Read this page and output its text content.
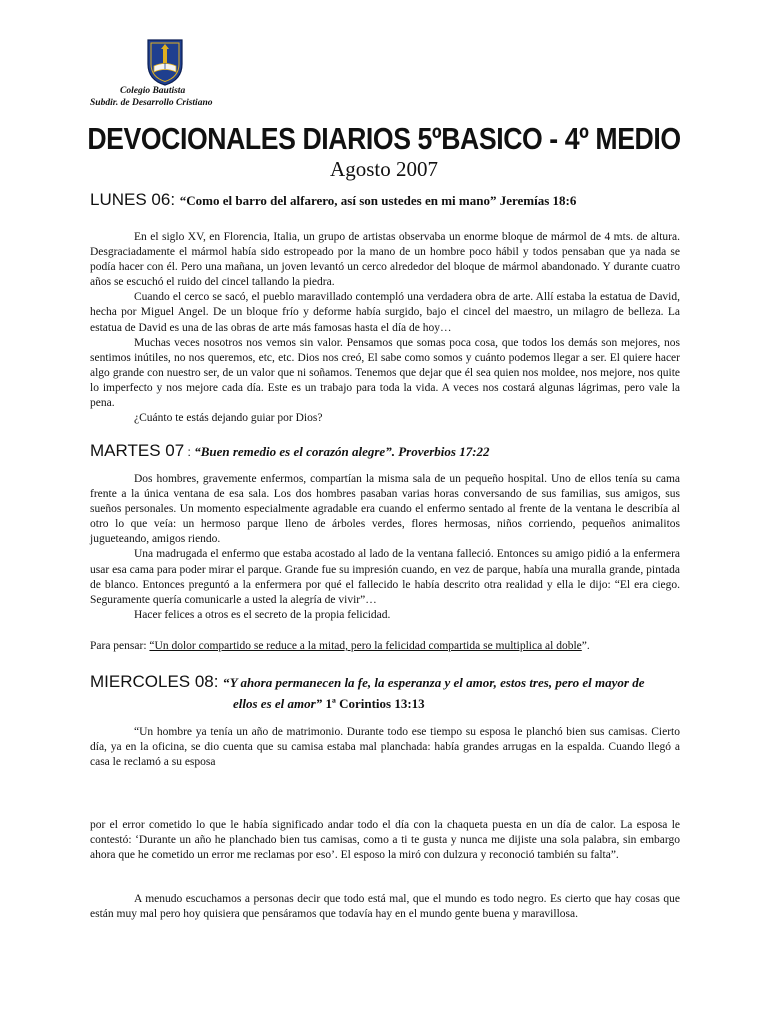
Colegio Bautista
Subdir. de Desarrollo Cristiano
DEVOCIONALES DIARIOS 5ºBASICO - 4º MEDIO
Agosto 2007
LUNES 06: “Como el barro del alfarero, así son ustedes en mi mano” Jeremías 18:6

En el siglo XV, en Florencia, Italia, un grupo de artistas observaba un enorme bloque de mármol de 4 mts. de altura. Desgraciadamente el mármol había sido estropeado por la mano de un hombre poco hábil y todos pensaban que ya nada se podía hacer con él. Pero una mañana, un joven levantó un cerco alrededor del bloque de mármol abandonado. Y durante cuatro años se escuchó el ruido del cincel tallando la piedra.

Cuando el cerco se sacó, el pueblo maravillado contempló una verdadera obra de arte. Allí estaba la estatua de David, hecha por Miguel Angel. De un bloque frío y deforme había surgido, bajo el cincel del maestro, un milagro de belleza. La estatua de David es una de las obras de arte más famosas hasta el día de hoy…

Muchas veces nosotros nos vemos sin valor. Pensamos que somas poca cosa, que todos los demás son mejores, nos sentimos inútiles, no nos queremos, etc, etc. Dios nos creó, El sabe como somos y cuánto podemos llegar a ser. El quiere hacer algo grande con nuestro ser, de un valor que ni soñamos. Tenemos que dejar que él sea quien nos moldee, nos mejore, nos quite lo imperfecto y nos mejore cada día. Este es un trabajo para toda la vida. A veces nos costará algunas lágrimas, pero vale la pena.

¿Cuánto te estás dejando guiar por Dios?

MARTES 07 : “Buen remedio es el corazón alegre”. Proverbios 17:22

Dos hombres, gravemente enfermos, compartían la misma sala de un pequeño hospital. Uno de ellos tenía su cama frente a la única ventana de esa sala. Los dos hombres pasaban varias horas conversando de sus familias, sus amigos, sus sueños personales. Un momento especialmente agradable era cuando el enfermo sentado al frente de la ventana le describía al otro lo que veía: un hermoso parque lleno de árboles verdes, flores hermosas, niños corriendo, pequeños animalitos jugueteando, amigos riendo.

Una madrugada el enfermo que estaba acostado al lado de la ventana falleció. Entonces su amigo pidió a la enfermera usar esa cama para poder mirar el parque. Grande fue su impresión cuando, en vez de parque, había una muralla grande, pintada de blanco. Entonces preguntó a la enfermera por qué el fallecido le había descrito otra realidad y ella le dijo: “El era ciego. Seguramente quería comunicarle a usted la alegría de vivir”…

Hacer felices a otros es el secreto de la propia felicidad.

Para pensar: “Un dolor compartido se reduce a la mitad, pero la felicidad compartida se multiplica al doble”.

MIERCOLES 08: “Y ahora permanecen la fe, la esperanza y el amor, estos tres, pero el mayor de
ellos es el amor” 1ª Corintios 13:13

“Un hombre ya tenía un año de matrimonio. Durante todo ese tiempo su esposa le planchó bien sus camisas. Cierto día, ya en la oficina, se dio cuenta que su camisa estaba mal planchada: había grandes arrugas en la espalda. Cuando llegó a casa le reclamó a su esposa

por el error cometido lo que le había significado andar todo el día con la chaqueta puesta en un día de calor. La esposa le contestó: ‘Durante un año he planchado bien tus camisas, como a ti te gusta y nunca me dijiste una sola palabra, sin embargo ahora que he cometido un error me reclamas por eso’. El esposo la miró con dulzura y reconoció también su falta”.

A menudo escuchamos a personas decir que todo está mal, que el mundo es todo negro. Es cierto que hay cosas que están muy mal pero hoy quisiera que pensáramos que todavía hay en el mundo gente buena y maravillosa.
